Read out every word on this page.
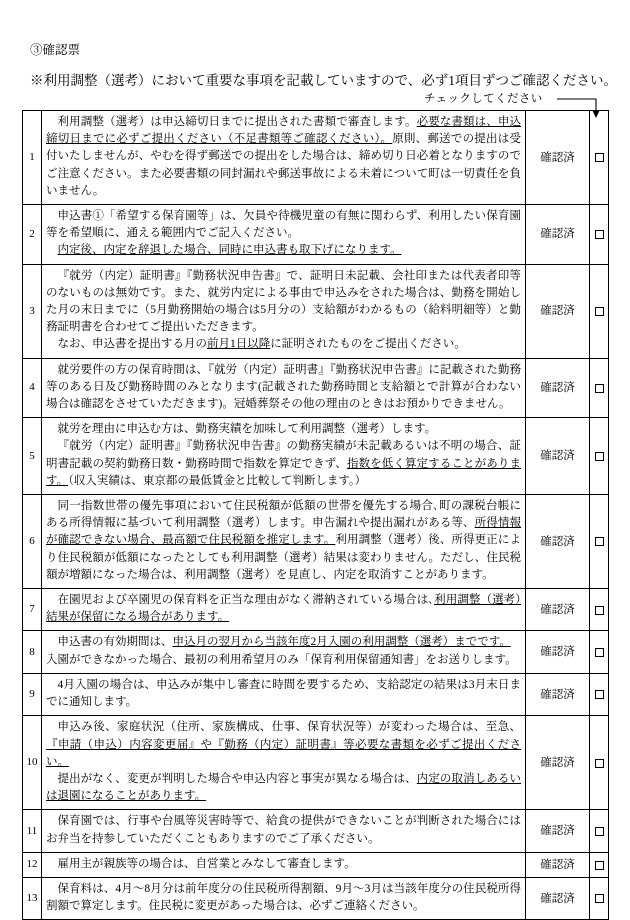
③確認票
※利用調整（選考）において重要な事項を記載していますので、必ず1項目ずつご確認ください。
チェックしてください
1	利用調整（選考）は申込締切日までに提出された書類で審査します。必要な書類は、申込締切日までに必ずご提出ください（不足書類等ご確認ください）。原則、郵送での提出は受付いたしませんが、やむを得ず郵送での提出をした場合は、締め切り日必着となりますのでご注意ください。また必要書類の同封漏れや郵送事故による未着について町は一切責任を負いません。	確認済	
2	申込書①「希望する保育園等」は、欠員や待機児童の有無に関わらず、利用したい保育園等を希望順に、通える範囲内でご記入ください。
内定後、内定を辞退した場合、同時に申込書も取下げになります。	確認済	
3	『就労（内定）証明書』『勤務状況申告書』で、証明日未記載、会社印または代表者印等のないものは無効です。また、就労内定による事由で申込みをされた場合は、勤務を開始した月の末日までに（5月勤務開始の場合は5月分の）支給額がわかるもの（給料明細等）と勤務証明書を合わせてご提出いただきます。
なお、申込書を提出する月の前月1日以降に証明されたものをご提出ください。	確認済	
4	就労要件の方の保育時間は、『就労（内定）証明書』『勤務状況申告書』に記載された勤務等のある日及び勤務時間のみとなります(記載された勤務時間と支給額とで計算が合わない場合は確認をさせていただきます)。冠婚葬祭その他の理由のときはお預かりできません。	確認済	
5	就労を理由に申込む方は、勤務実績を加味して利用調整（選考）します。
『就労（内定）証明書』『勤務状況申告書』の勤務実績が未記載あるいは不明の場合、証明書記載の契約勤務日数・勤務時間で指数を算定できず、指数を低く算定することがあります。（収入実績は、東京都の最低賃金と比較して判断します。）	確認済	
6	同一指数世帯の優先事項において住民税額が低額の世帯を優先する場合､町の課税台帳にある所得情報に基づいて利用調整（選考）します。申告漏れや提出漏れがある等、所得情報が確認できない場合、最高額で住民税額を推定します。利用調整（選考）後、所得更正により住民税額が低額になったとしても利用調整（選考）結果は変わりません。ただし、住民税額が増額になった場合は、利用調整（選考）を見直し、内定を取消すことがあります。	確認済	
7	在園児および卒園児の保育料を正当な理由がなく滞納されている場合は､利用調整（選考）結果が保留になる場合があります。	確認済	
8	申込書の有効期間は、申込月の翌月から当該年度2月入園の利用調整（選考）までです。
入園ができなかった場合、最初の利用希望月のみ「保育利用保留通知書」をお送りします。	確認済	
9	4月入園の場合は、申込みが集中し審査に時間を要するため、支給認定の結果は3月末日までに通知します。	確認済	
10	申込み後、家庭状況（住所、家族構成、仕事、保育状況等）が変わった場合は、至急、『申請（申込）内容変更届』や『勤務（内定）証明書』等必要な書類を必ずご提出ください。
提出がなく、変更が判明した場合や申込内容と事実が異なる場合は、内定の取消しあるいは退園になることがあります。	確認済	
11	保育園では、行事や台風等災害時等で、給食の提供ができないことが判断された場合にはお弁当を持参していただくこともありますのでご了承ください。	確認済	
12	雇用主が親族等の場合は、自営業とみなして審査します。	確認済	
13	保育料は、4月～8月分は前年度分の住民税所得割額、9月～3月は当該年度分の住民税所得割額で算定します。住民税に変更があった場合は、必ずご連絡ください。	確認済	
